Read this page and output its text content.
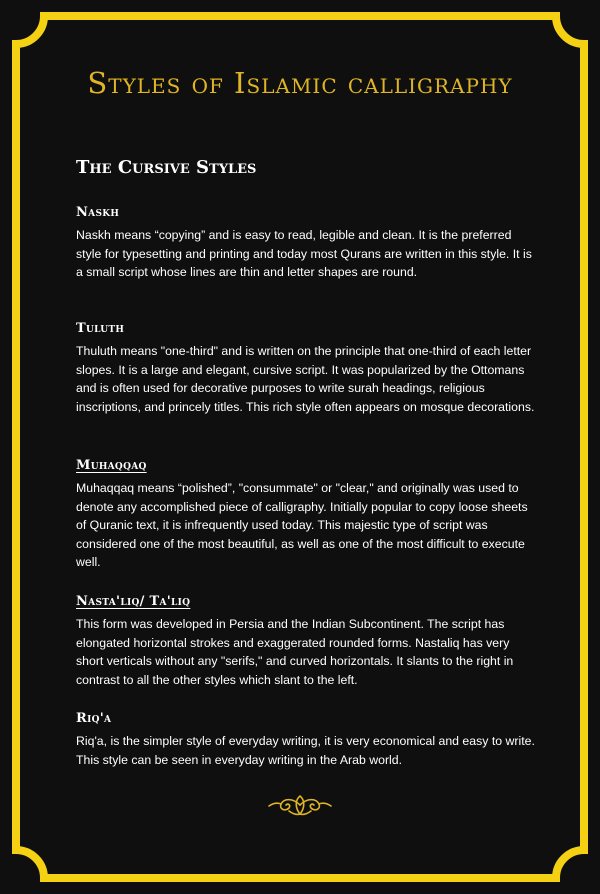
Styles of Islamic calligraphy
The Cursive Styles
Naskh

Naskh means “copying” and is easy to read, legible and clean. It is the preferred style for typesetting and printing and today most Qurans are written in this style. It is a small script whose lines are thin and letter shapes are round.

Tuluth

Thuluth means "one-third" and is written on the principle that one-third of each letter slopes. It is a large and elegant, cursive script. It was popularized by the Ottomans and is often used for decorative purposes to write surah headings, religious inscriptions, and princely titles. This rich style often appears on mosque decorations.

Muhaqqaq

Muhaqqaq means “polished”, "consummate" or "clear," and originally was used to denote any accomplished piece of calligraphy. Initially popular to copy loose sheets of Quranic text, it is infrequently used today. This majestic type of script was considered one of the most beautiful, as well as one of the most difficult to execute well.

Nasta'liq/ Ta'liq

This form was developed in Persia and the Indian Subcontinent. The script has elongated horizontal strokes and exaggerated rounded forms. Nastaliq has very short verticals without any "serifs," and curved horizontals. It slants to the right in contrast to all the other styles which slant to the left.

Riq'a

Riq'a, is the simpler style of everyday writing, it is very economical and easy to write. This style can be seen in everyday writing in the Arab world.
